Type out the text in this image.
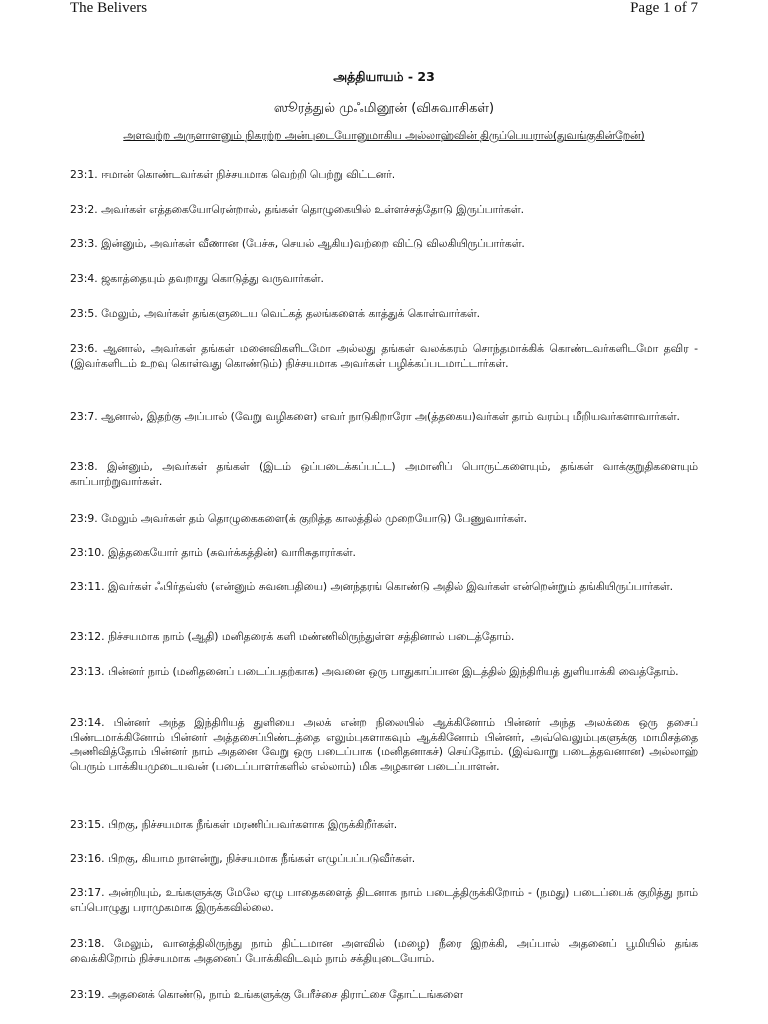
The Belivers	Page 1 of 7
அத்தியாயம் - 23
ஸூரத்துல் முஃமினூன் (விசுவாசிகள்)
அளவற்ற அருளாளனும் நிகரற்ற அன்புடையோனுமாகிய அல்லாஹ்வின் திருப்பெயரால்(துவங்குகின்றேன்)

23:1. ஈமான் கொண்டவர்கள் நிச்சயமாக வெற்றி பெற்று விட்டனர்.

23:2. அவர்கள் எத்தகையோரென்றால், தங்கள் தொழுகையில் உள்ளச்சத்தோடு இருப்பார்கள்.

23:3. இன்னும், அவர்கள் வீணான (பேச்சு, செயல் ஆகிய)வற்றை விட்டு விலகியிருப்பார்கள்.

23:4. ஜகாத்தையும் தவறாது கொடுத்து வருவார்கள்.

23:5. மேலும், அவர்கள் தங்களுடைய வெட்கத் தலங்களைக் காத்துக் கொள்வார்கள்.

23:6. ஆனால், அவர்கள் தங்கள் மனைவிகளிடமோ அல்லது தங்கள் வலக்கரம் சொந்தமாக்கிக் கொண்டவர்களிடமோ தவிர - (இவர்களிடம் உறவு கொள்வது கொண்டும்) நிச்சயமாக அவர்கள் பழிக்கப்படமாட்டார்கள்.

23:7. ஆனால், இதற்கு அப்பால் (வேறு வழிகளை) எவர் நாடுகிறாரோ அ(த்தகைய)வர்கள் தாம் வரம்பு மீறியவர்களாவார்கள்.

23:8. இன்னும், அவர்கள் தங்கள் (இடம் ஒப்படைக்கப்பட்ட) அமானிப் பொருட்களையும், தங்கள் வாக்குறுதிகளையும் காப்பாற்றுவார்கள்.

23:9. மேலும் அவர்கள் தம் தொழுகைகளை(க் குறித்த காலத்தில் முறையோடு) பேணுவார்கள்.

23:10. இத்தகையோர் தாம் (சுவர்க்கத்தின்) வாரிசுதாரர்கள்.

23:11. இவர்கள் ஃபிர்தவ்ஸ் (என்னும் சுவனபதியை) அனந்தரங் கொண்டு அதில் இவர்கள் என்றென்றும் தங்கியிருப்பார்கள்.

23:12. நிச்சயமாக நாம் (ஆதி) மனிதரைக் களி மண்ணிலிருந்துள்ள சத்தினால் படைத்தோம்.

23:13. பின்னர் நாம் (மனிதனைப் படைப்பதற்காக) அவனை ஒரு பாதுகாப்பான இடத்தில் இந்திரியத் துளியாக்கி வைத்தோம்.

23:14. பின்னர் அந்த இந்திரியத் துளியை அலக் என்ற நிலையில் ஆக்கினோம் பின்னர் அந்த அலக்கை ஒரு தசைப் பிண்டமாக்கினோம் பின்னர் அத்தசைப்பிண்டத்தை எலும்புகளாகவும் ஆக்கினோம் பின்னர், அவ்வெலும்புகளுக்கு மாமிசத்தை அணிவித்தோம் பின்னர் நாம் அதனை வேறு ஒரு படைப்பாக (மனிதனாகச்) செய்தோம். (இவ்வாறு படைத்தவனான) அல்லாஹ் பெரும் பாக்கியமுடையவன் (படைப்பாளர்களில் எல்லாம்) மிக அழகான படைப்பாளன்.

23:15. பிறகு, நிச்சயமாக நீங்கள் மரணிப்பவர்களாக இருக்கிறீர்கள்.

23:16. பிறகு, கியாம நாளன்று, நிச்சயமாக நீங்கள் எழுப்பப்படுவீர்கள்.

23:17. அன்றியும், உங்களுக்கு மேலே ஏழு பாதைகளைத் திடனாக நாம் படைத்திருக்கிறோம் - (நமது) படைப்பைக் குறித்து நாம் எப்பொழுது பராமுகமாக இருக்கவில்லை.

23:18. மேலும், வானத்திலிருந்து நாம் திட்டமான அளவில் (மழை) நீரை இறக்கி, அப்பால் அதனைப் பூமியில் தங்க வைக்கிறோம் நிச்சயமாக அதனைப் போக்கிவிடவும் நாம் சக்தியுடையோம்.

23:19. அதனைக் கொண்டு, நாம் உங்களுக்கு பேரீச்சை திராட்சை தோட்டங்களை
